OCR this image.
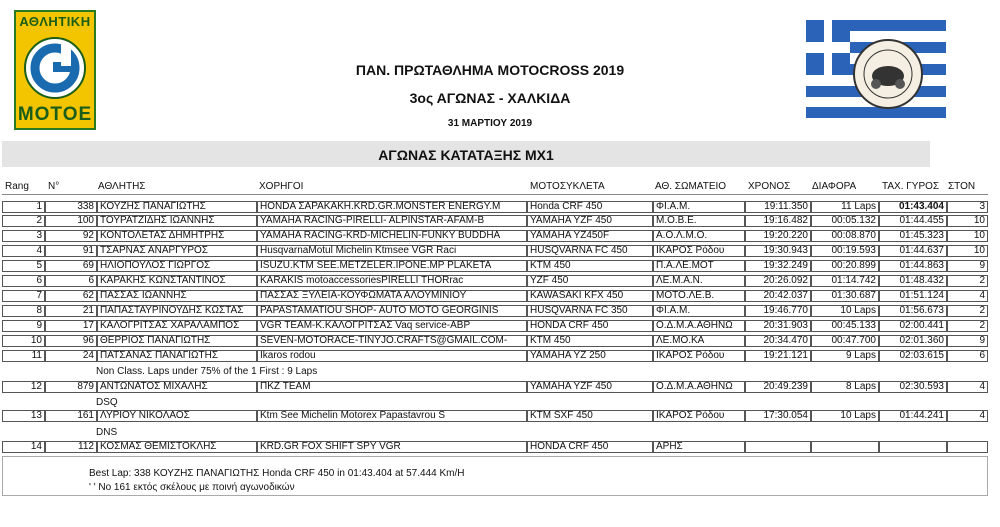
ΑΘΛΗΤΙΚΗ
ΜΟΤΟΕ
ΠΑΝ. ΠΡΩΤΑΘΛΗΜΑ MOTOCROSS 2019
3ος ΑΓΩΝΑΣ - ΧΑΛΚΙΔΑ
31 ΜΑΡΤΙΟΥ 2019
ΑΓΩΝΑΣ ΚΑΤΑΤΑΞΗΣ MX1
Rang N°	ΑΘΛΗΤΗΣ	ΧΟΡΗΓΟΙ	ΜΟΤΟΣΥΚΛΕΤΑ	ΑΘ. ΣΩΜΑΤΕΙΟ ΧΡΟΝΟΣ ΔΙΑΦΟΡΑ	ΤΑΧ. ΓΥΡΟΣ ΣΤΟΝ
1	338 ΚΟΥΖΗΣ ΠΑΝΑΓΙΩΤΗΣ	HONDA ΣΑΡΑΚΑΚΗ.KRD.GR.MONSTER ENERGY.M	Honda CRF 450	ΦΙ.Α.Μ.	19:11.350	11 Laps	01:43.404	3
2	100 ΤΟΥΡΑΤΖΙΔΗΣ ΙΩΑΝΝΗΣ	YAMAHA RACING-PIRELLI- ALPINSTAR-AFAM-B	YAMAHA YZF 450	Μ.Ο.Β.Ε.	19:16.482	00:05.132	01:44.455	10
3	92 ΚΟΝΤΟΛΕΤΑΣ ΔΗΜΗΤΡΗΣ	YAMAHA RACING-KRD-MICHELIN-FUNKY BUDDHA	YAMAHA YZ450F	Α.Ο.Λ.Μ.Ο.	19:20.220	00:08.870	01:45.323	10
4	91 ΤΣΑΡΝΑΣ ΑΝΑΡΓΥΡΟΣ	HusqvarnaMotul Michelin Ktmsee VGR Raci	HUSQVARNA FC 450	ΙΚΑΡΟΣ Ρόδου	19:30.943	00:19.593	01:44.637	10
5	69 ΗΛΙΟΠΟΥΛΟΣ ΓΙΩΡΓΟΣ	ISUZU.KTM SEE.METZELER.IPONE.MP PLAKETA	KTM 450	Π.Α.ΛΕ.ΜΟΤ	19:32.249	00:20.899	01:44.863	9
6	6 ΚΑΡΑΚΗΣ ΚΩΝΣΤΑΝΤΙΝΟΣ	KARAKIS motoaccessoriesPIRELLI THORrac	YZF 450	ΛΕ.Μ.Α.Ν.	20:26.092	01:14.742	01:48.432	2
7	62 ΠΑΣΣΑΣ ΙΩΑΝΝΗΣ	ΠΑΣΣΑΣ ΞΥΛΕΙΑ-ΚΟΥΦΩΜΑΤΑ ΑΛΟΥΜΙΝΙΟΥ	KAWASAKI KFX 450	ΜΟΤΟ.ΛΕ.Β.	20:42.037	01:30.687	01:51.124	4
8	21 ΠΑΠΑΣΤΑΥΡΙΝΟΥΔΗΣ ΚΩΣΤΑΣ	PAPASTAMATIOU SHOP- AUTO MOTO GEORGINIS	HUSQVARNA FC 350	ΦΙ.Α.Μ.	19:46.770	10 Laps	01:56.673	2
9	17 ΚΑΛΟΓΡΙΤΣΑΣ ΧΑΡΑΛΑΜΠΟΣ	VGR TEAM-Κ.ΚΑΛΟΓΡΙΤΣΑΣ Vaq service-ABP	HONDA CRF 450	Ο.Δ.Μ.Α.ΑΘΗΝΩ	20:31.903	00:45.133	02:00.441	2
10	96 ΘΕΡΡΙΟΣ ΠΑΝΑΓΙΩΤΗΣ	SEVEN-MOTORACE-TINYJO.CRAFTS@GMAIL.COM-	KTM 450	ΛΕ.ΜΟ.ΚΑ	20:34.470	00:47.700	02:01.360	9
11	24 ΠΑΤΣΑΝΑΣ ΠΑΝΑΓΙΩΤΗΣ	Ikaros rodou	YAMAHA YZ 250	ΙΚΑΡΟΣ Ρόδου	19:21.121	9 Laps	02:03.615	6
12	879 ΑΝΤΩΝΑΤΟΣ ΜΙΧΑΛΗΣ	ΠΚΖ TEAM	YAMAHA YZF 450	Ο.Δ.Μ.Α.ΑΘΗΝΩ	20:49.239	8 Laps	02:30.593	4
13	161 ΛΥΡΙΟΥ ΝΙΚΟΛΑΟΣ	Ktm See Michelin Motorex Papastavrou S	KTM SXF 450	ΙΚΑΡΟΣ Ρόδου	17:30.054	10 Laps	01:44.241	4
14	112 ΚΟΣΜΑΣ ΘΕΜΙΣΤΟΚΛΗΣ	KRD.GR FOX SHIFT SPY VGR	HONDA CRF 450	ΑΡΗΣ
Non Class. Laps under 75% of the 1 First : 9 Laps
DSQ
DNS
Best Lap: 338 ΚΟΥΖΗΣ ΠΑΝΑΓΙΩΤΗΣ Honda CRF 450 in 01:43.404 at 57.444 Km/H
' ' Νο 161 εκτός σκέλους με ποινή αγωνοδικών
